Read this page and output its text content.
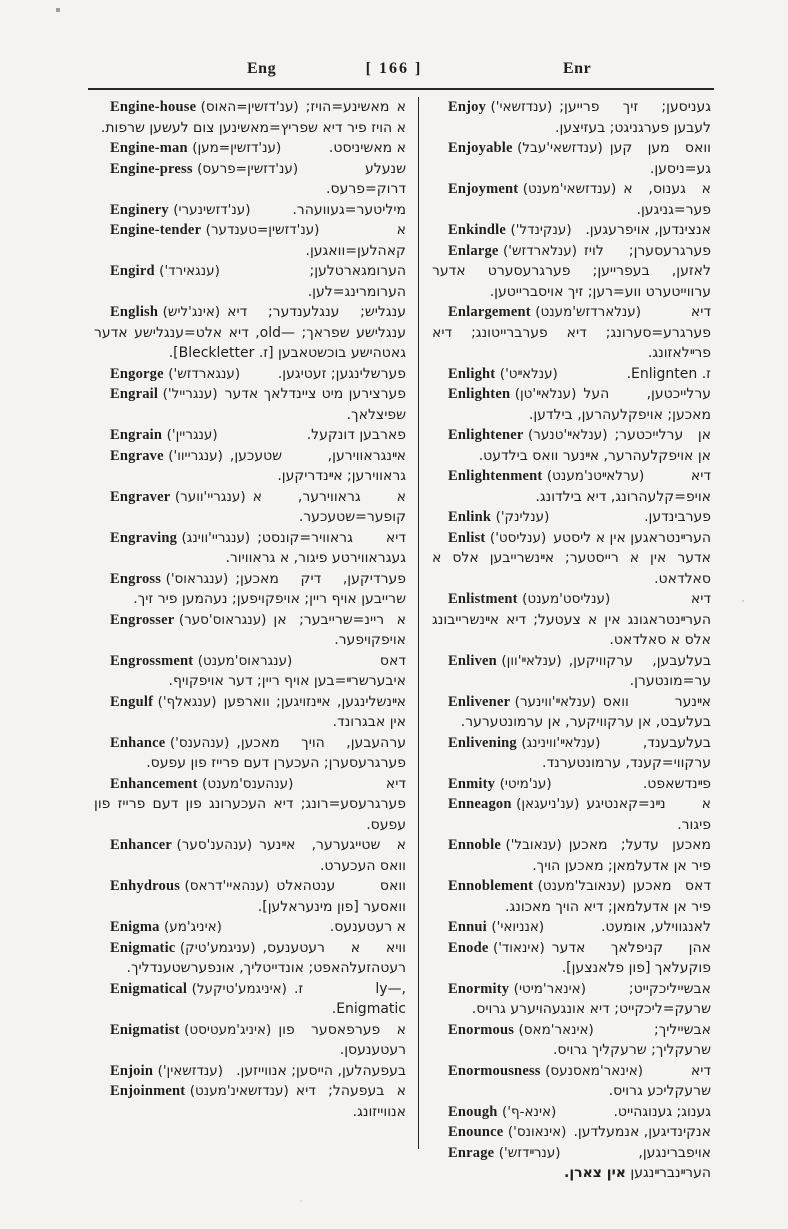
Eng	[ 166 ]	Enr

Engine-house (ענ'דזשין=האוס) א מאשינע=הויז; א הויז פיר דיא שפריץ=מאשינען צום לעשען שרפות.

Engine-man (ענ'דזשין=מען)	א מאשיניסט.

Engine-press (ענ'דזשין=פרעס)	שנעלע דרוק=פרעס.

Enginery (ענ'דזשינערי)	מיליטער=געוועהר.

Engine-tender (ענ'דזשין=טענדער)	א קאהלען=וואגען.

Engird (ענגאירד')	הערומגארטלען; הערומרינג=לען.

English (אינג'ליש) ענגליש; ענגלענדער; דיא ענגלישע שפראך; —old, דיא אלט=ענגלישע אדער גאטהישע בוכשטאבען [ז. Bleckletter].

Engorge (ענגארדזש')	פערשלינגען; זעטיגען.

Engrail (ענגרייל') פערצירען מיט ציינדלאך אדער שפיצלאך.

Engrain (ענגריין')	פארבען דונקעל.

Engrave (ענגרייוו') אײנגראווירען, שטעכען, גראווירען; אײנדריקען.

Engraver (ענגריי'ווער) א גראווירער, א קופער=שטעכער.

Engraving (ענגריי'ווינג) דיא גראוויר=קונסט; געגראווירטע פיגור, א גראוויור.

Engross (ענגראוס') פערדיקען, דיק מאכען; שרייבען אויף ריין; אויפקויפען; נעהמען פיר זיך.

Engrosser (ענגראוס'סער) א ריינ=שרייבער; אן אויפקויפער.

Engrossment (ענגראוס'מענט)	דאס איבערשרײ=בען אויף ריין; דער אויפקויף.

Engulf (ענגאלף') אײנשלינגען, אײנזויגען; ווארפען אין אבגרונד.

Enhance (ענהענס') ערהעבען, הויך מאכען, פערגרעסערן; העכערן דעם פרייז פון עפעס.

Enhancement (ענהענס'מענט)	דיא פערגרעסע=רונג; דיא העכערונג פון דעם פרייז פון עפעס.

Enhancer (ענהענ'סער) א שטייגערער, אײנער וואס העכערט.

Enhydrous (ענהאיי'דראס) וואס ענטהאלט וואסער [פון מינעראלען].

Enigma (איניג'מע)	א רעטענעס.

Enigmatic (עניגמע'טיק) וויא א רעטענעס, רעטהזעלהאפט; אונדייטליך, אונפערשטענדליך.

Enigmatical (איניגמע'טיקעל) ,—ly ז. Enigmatic.

Enigmatist (איניג'מעטיסט) א פערפאסער פון רעטענעסן.

Enjoin (ענדזשאין') בעפעהלען, הייסען; אנווייזען.

Enjoinment (ענדזשאינ'מענט) א בעפעהל; דיא אנווייזונג.

Enjoy (ענדזשאי') געניסען; זיך פרייען; לעבען פערגניגט; בעזיצען.

Enjoyable (ענדזשאי'עבל) וואס מען קען גע=ניסען.

Enjoyment (ענדזשאי'מענט) א גענוס, א פער=גניגען.

Enkindle (ענקינדל') אנצינדען, אויפרעגען.

Enlarge (ענלארדזש') פערגרעסערן; לויז לאזען, בעפרייען; פערגרעסערט אדער ערווייטערט ווע=רען; זיך אויסברייטען.

Enlargement (ענלארדזש'מענט)	דיא פערגרע=סערונג; דיא פערברייטונג; דיא פרײלאזונג.

Enlight (ענלאײט')	ז. Enlignten.

Enlighten (ענלאײ'טן) ערלייכטען, העל מאכען; אויפקלעהרען, בילדען.

Enlightener (ענלאײ'טנער) אן ערלייכטער; אן אויפקלעהרער, אײנער וואס בילדעט.

Enlightenment (ערלאײטנ'מענט)	דיא אויפ=קלעהרונג, דיא בילדונג.

Enlink (ענלינק')	פערבינדען.

Enlist (ענליסט') הערײנטראגען אין א ליסטע אדער אין א רייסטער; אײנשרייבען אלס א סאלדאט.

Enlistment (ענליסט'מענט)	דיא הערײנטראגונג אין א צעטעל; דיא אײנשרייבונג אלס א סאלדאט.

Enliven (ענלאײ'וון) בעלעבען, ערקוויקען, ער=מונטערן.

Enlivener (ענלאײ'ווינער) אײנער וואס בעלעבט, אן ערקוויקער, אן ערמונטערער.

Enlivening (ענלאײ'ווינינג)	בעלעבענד, ערקווי=קענד, ערמונטערנד.

Enmity (ענ'מיטי)	פײנדשאפט.

Enneagon (ענ'ניעגאן) א נײנ=קאנטיגע פיגור.

Ennoble (ענאובל') מאכען עדעל; מאכען פיר אן אדעלמאן; מאכען הויך.

Ennoblement (ענאובל'מענט) דאס מאכען פיר אן אדעלמאן; דיא הויך מאכונג.

Ennui (אנניואי')	לאנגווילע, אומעט.

Enode (אינאוד') אהן קניפלאך אדער פוקעלאך [פון פלאנצען].

Enormity (אינאר'מיטי)	אבשייליכקייט; שרעק=ליכקייט; דיא אונגעהויערע גרויס.

Enormous (אינאר'מאס)	אבשייליך; שרעקליך; שרעקליך גרויס.

Enormousness (אינאר'מאסנעס)	דיא שרעקליכע גרויס.

Enough (אינא-ף')	גענוג; גענוגהייט.

Enounce (אינאונס') אנקינדיגען, אנמעלדען.

Enrage (ענרײדזש')	אויפברינגען, הערײנברײנגען אין צארן.
